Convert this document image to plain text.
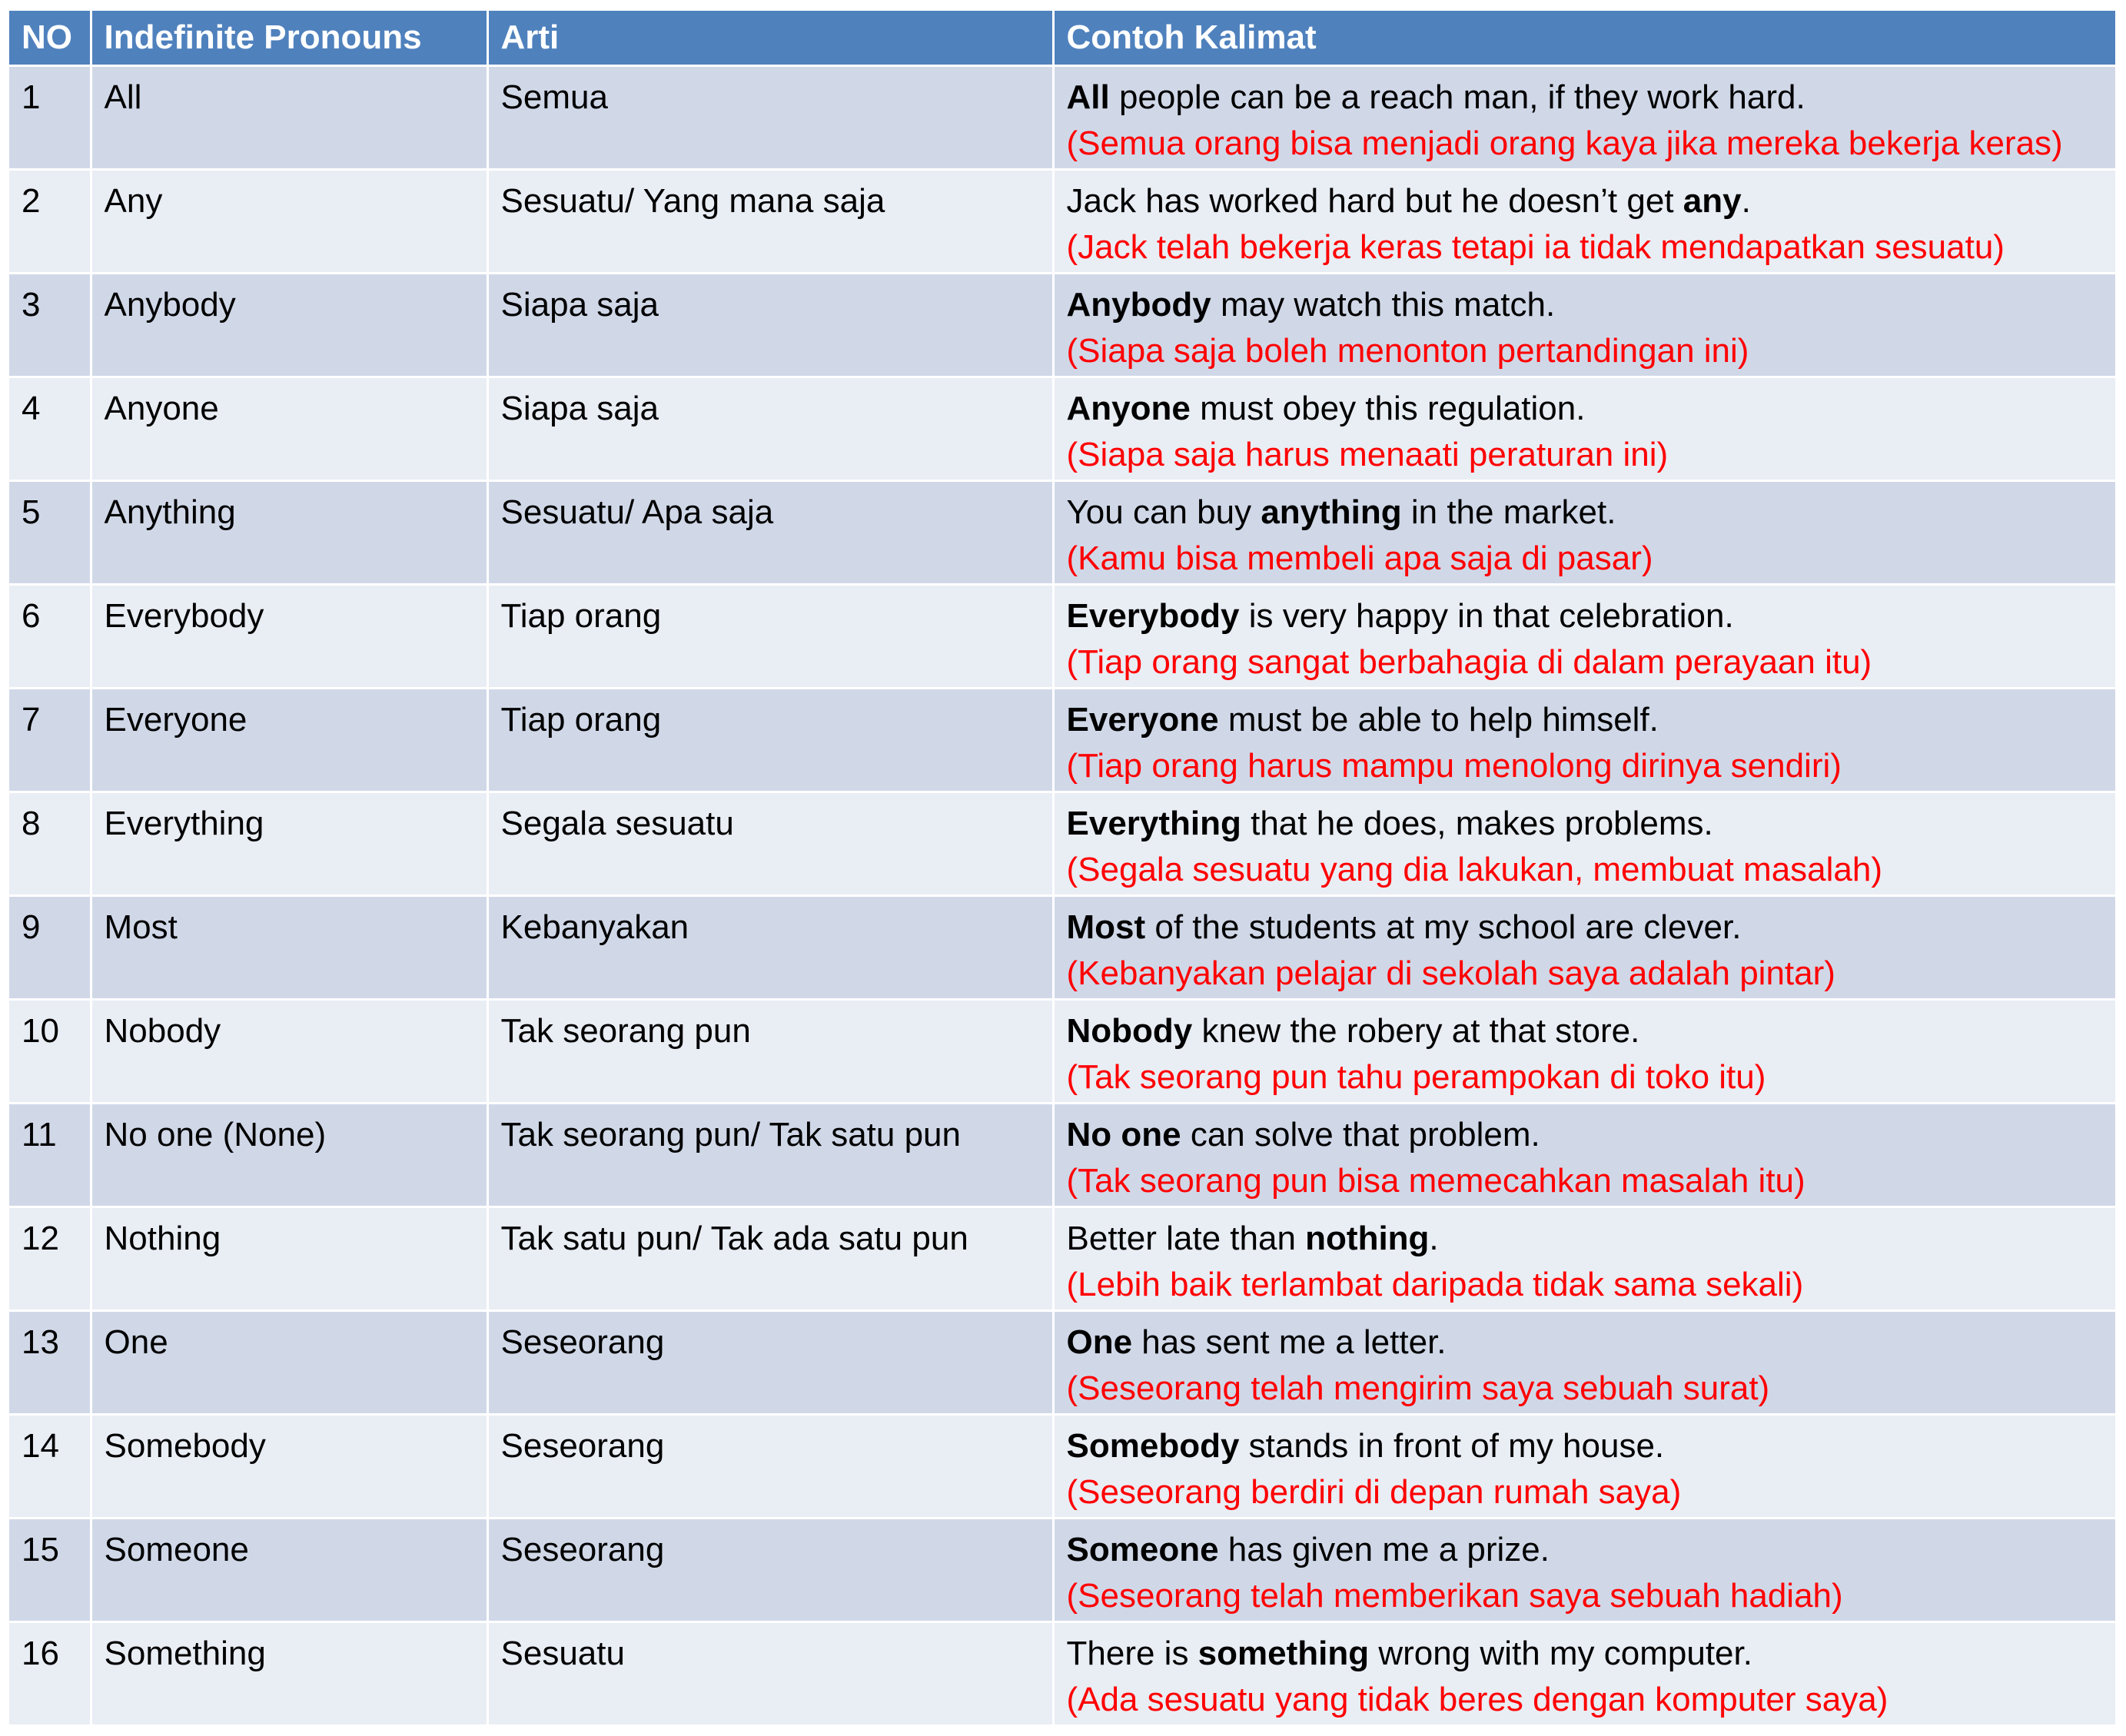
NO	Indefinite Pronouns	Arti	Contoh Kalimat
1	All	Semua	All people can be a reach man, if they work hard.
(Semua orang bisa menjadi orang kaya jika mereka bekerja keras)

2	Any	Sesuatu/ Yang mana saja	Jack has worked hard but he doesn’t get any.
(Jack telah bekerja keras tetapi ia tidak mendapatkan sesuatu)

3	Anybody	Siapa saja	Anybody may watch this match.
(Siapa saja boleh menonton pertandingan ini)

4	Anyone	Siapa saja	Anyone must obey this regulation.
(Siapa saja harus menaati peraturan ini)

5	Anything	Sesuatu/ Apa saja	You can buy anything in the market.
(Kamu bisa membeli apa saja di pasar)

6	Everybody	Tiap orang	Everybody is very happy in that celebration.
(Tiap orang sangat berbahagia di dalam perayaan itu)

7	Everyone	Tiap orang	Everyone must be able to help himself.
(Tiap orang harus mampu menolong dirinya sendiri)

8	Everything	Segala sesuatu	Everything that he does, makes problems.
(Segala sesuatu yang dia lakukan, membuat masalah)

9	Most	Kebanyakan	Most of the students at my school are clever.
(Kebanyakan pelajar di sekolah saya adalah pintar)

10	Nobody	Tak seorang pun	Nobody knew the robery at that store.
(Tak seorang pun tahu perampokan di toko itu)

11	No one (None)	Tak seorang pun/ Tak satu pun	No one can solve that problem.
(Tak seorang pun bisa memecahkan masalah itu)

12	Nothing	Tak satu pun/ Tak ada satu pun	Better late than nothing.
(Lebih baik terlambat daripada tidak sama sekali)

13	One	Seseorang	One has sent me a letter.
(Seseorang telah mengirim saya sebuah surat)

14	Somebody	Seseorang	Somebody stands in front of my house.
(Seseorang berdiri di depan rumah saya)

15	Someone	Seseorang	Someone has given me a prize.
(Seseorang telah memberikan saya sebuah hadiah)

16	Something	Sesuatu	There is something wrong with my computer.
(Ada sesuatu yang tidak beres dengan komputer saya)
